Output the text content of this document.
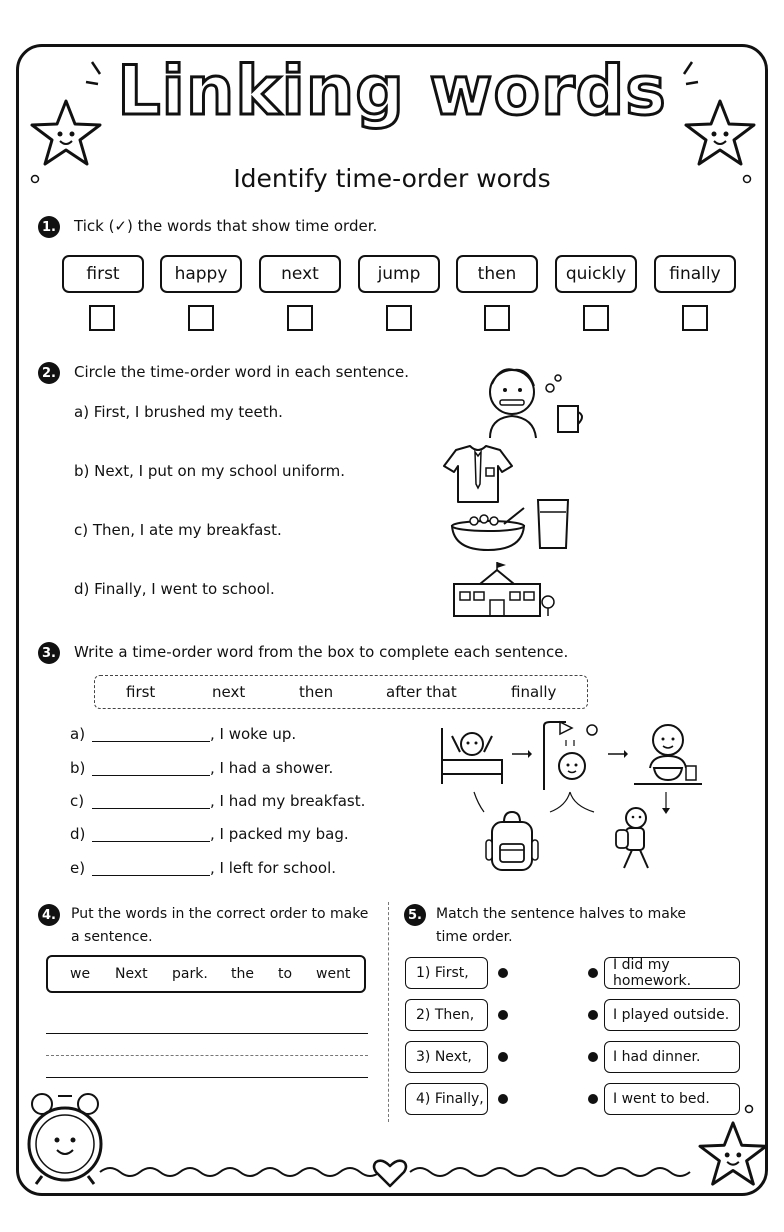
Linking words
Identify time-order words
1. Tick (✓) the words that show time order.
first	happy	next	jump	then	quickly	finally
2. Circle the time-order word in each sentence.
a) First, I brushed my teeth.
b) Next, I put on my school uniform.
c) Then, I ate my breakfast.
d) Finally, I went to school.
3. Write a time-order word from the box to complete each sentence.
first	next	then	after that	finally
a)	, I woke up.
b)	, I had a shower.
c)	, I had my breakfast.
d)	, I packed my bag.
e)	, I left for school.
4. Put the words in the correct order to make
a sentence.
we Next park. the to went
5. Match the sentence halves to make
time order.
1) First,
2) Then,
3) Next,
4) Finally,
I did my homework.
I played outside.
I had dinner.
I went to bed.
